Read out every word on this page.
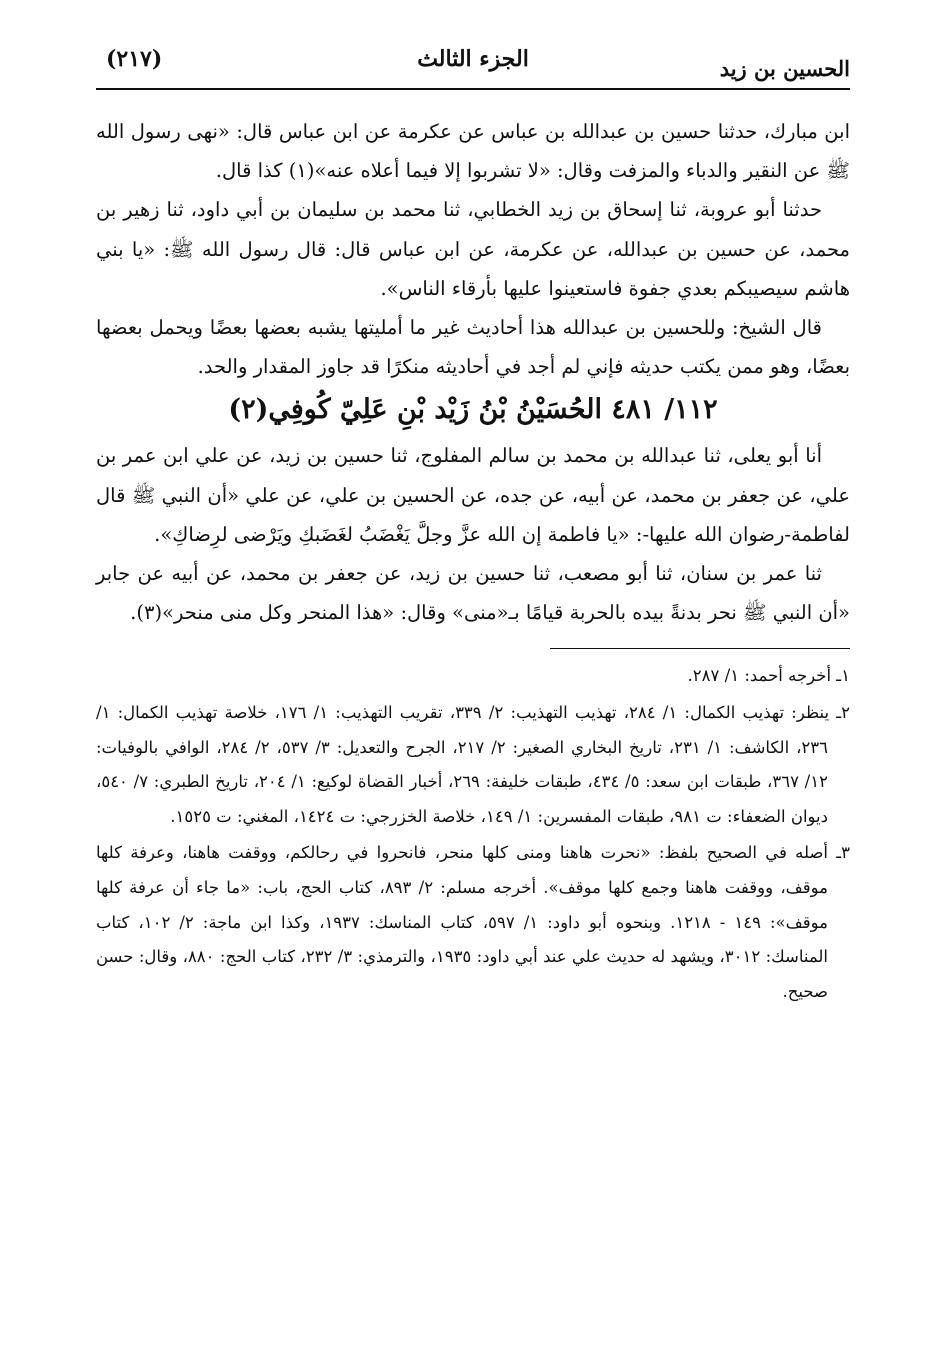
(٢١٧)	الجزء الثالث	الحسين بن زيد

ابن مبارك، حدثنا حسين بن عبدالله بن عباس عن عكرمة عن ابن عباس قال: «نهى رسول الله ﷺ عن النقير والدباء والمزفت وقال: «لا تشربوا إلا فيما أعلاه عنه»(١) كذا قال.

حدثنا أبو عروبة، ثنا إسحاق بن زيد الخطابي، ثنا محمد بن سليمان بن أبي داود، ثنا زهير بن محمد، عن حسين بن عبدالله، عن عكرمة، عن ابن عباس قال: قال رسول الله ﷺ: «يا بني هاشم سيصيبكم بعدي جفوة فاستعينوا عليها بأرقاء الناس».

قال الشيخ: وللحسين بن عبدالله هذا أحاديث غير ما أمليتها يشبه بعضها بعضًا ويحمل بعضها بعضًا، وهو ممن يكتب حديثه فإني لم أجد في أحاديثه منكرًا قد جاوز المقدار والحد.

١١٢/ ٤٨١ الحُسَيْنُ بْنُ زَيْد بْنِ عَلِيّ كُوفِي(٢)

أنا أبو يعلى، ثنا عبدالله بن محمد بن سالم المفلوج، ثنا حسين بن زيد، عن علي ابن عمر بن علي، عن جعفر بن محمد، عن أبيه، عن جده، عن الحسين بن علي، عن علي «أن النبي ﷺ قال لفاطمة-رضوان الله عليها-: «يا فاطمة إن الله عزَّ وجلَّ يَغْضَبُ لغَضَبكِ ويَرْضى لرِضاكِ».

ثنا عمر بن سنان، ثنا أبو مصعب، ثنا حسين بن زيد، عن جعفر بن محمد، عن أبيه عن جابر «أن النبي ﷺ نحر بدنةً بيده بالحربة قيامًا بـ«منى» وقال: «هذا المنحر وكل منى منحر»(٣).

١ـ أخرجه أحمد: ١/ ٢٨٧.

٢ـ ينظر: تهذيب الكمال: ١/ ٢٨٤، تهذيب التهذيب: ٢/ ٣٣٩، تقريب التهذيب: ١/ ١٧٦، خلاصة تهذيب الكمال: ١/ ٢٣٦، الكاشف: ١/ ٢٣١، تاريخ البخاري الصغير: ٢/ ٢١٧، الجرح والتعديل: ٣/ ٥٣٧، ٢/ ٢٨٤، الوافي بالوفيات: ١٢/ ٣٦٧، طبقات ابن سعد: ٥/ ٤٣٤، طبقات خليفة: ٢٦٩، أخبار القضاة لوكيع: ١/ ٢٠٤، تاريخ الطبري: ٧/ ٥٤٠، ديوان الضعفاء: ت ٩٨١، طبقات المفسرين: ١/ ١٤٩، خلاصة الخزرجي: ت ١٤٢٤، المغني: ت ١٥٢٥.

٣ـ أصله في الصحيح بلفظ: «نحرت هاهنا ومنى كلها منحر، فانحروا في رحالكم، ووقفت هاهنا، وعرفة كلها موقف، ووقفت هاهنا وجمع كلها موقف». أخرجه مسلم: ٢/ ٨٩٣، كتاب الحج، باب: «ما جاء أن عرفة كلها موقف»: ١٤٩ - ١٢١٨. وبنحوه أبو داود: ١/ ٥٩٧، كتاب المناسك: ١٩٣٧، وكذا ابن ماجة: ٢/ ١٠٢، كتاب المناسك: ٣٠١٢، ويشهد له حديث علي عند أبي داود: ١٩٣٥، والترمذي: ٣/ ٢٣٢، كتاب الحج: ٨٨٠، وقال: حسن صحيح.
